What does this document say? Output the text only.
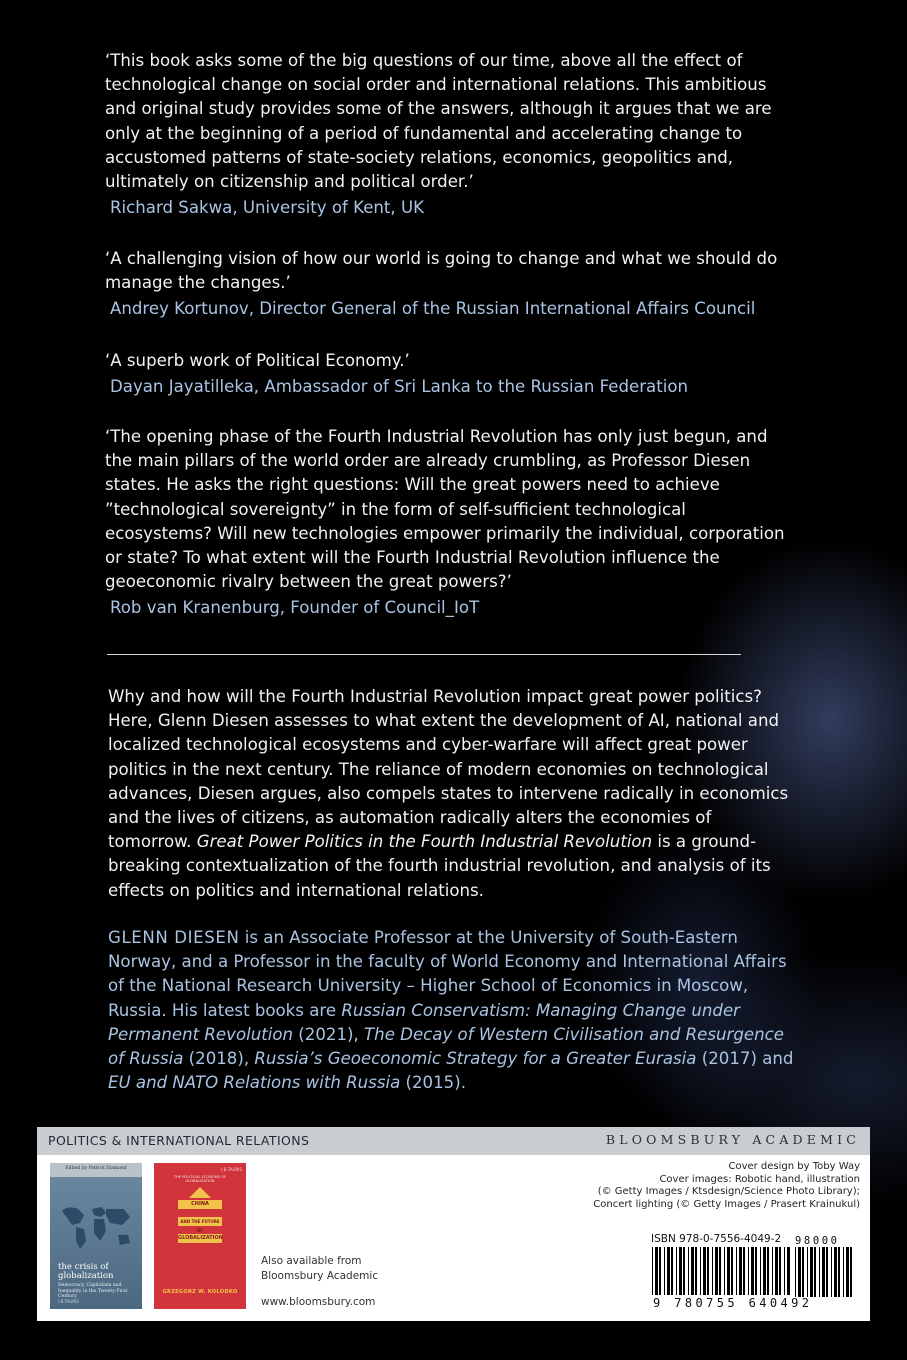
‘This book asks some of the big questions of our time, above all the effect of technological change on social order and international relations. This ambitious and original study provides some of the answers, although it argues that we are only at the beginning of a period of fundamental and accelerating change to accustomed patterns of state-society relations, economics, geopolitics and, ultimately on citizenship and political order.’

Richard Sakwa, University of Kent, UK

‘A challenging vision of how our world is going to change and what we should do manage the changes.’

Andrey Kortunov, Director General of the Russian International Affairs Council

‘A superb work of Political Economy.’

Dayan Jayatilleka, Ambassador of Sri Lanka to the Russian Federation

‘The opening phase of the Fourth Industrial Revolution has only just begun, and the main pillars of the world order are already crumbling, as Professor Diesen states. He asks the right questions: Will the great powers need to achieve ”technological sovereignty” in the form of self-sufficient technological ecosystems? Will new technologies empower primarily the individual, corporation or state? To what extent will the Fourth Industrial Revolution influence the geoeconomic rivalry between the great powers?’

Rob van Kranenburg, Founder of Council_IoT

Why and how will the Fourth Industrial Revolution impact great power politics? Here, Glenn Diesen assesses to what extent the development of AI, national and localized technological ecosystems and cyber-warfare will affect great power politics in the next century. The reliance of modern economies on technological advances, Diesen argues, also compels states to intervene radically in economics and the lives of citizens, as automation radically alters the economies of tomorrow. Great Power Politics in the Fourth Industrial Revolution is a ground-breaking contextualization of the fourth industrial revolution, and analysis of its effects on politics and international relations.

GLENN DIESEN is an Associate Professor at the University of South-Eastern Norway, and a Professor in the faculty of World Economy and International Affairs of the National Research University – Higher School of Economics in Moscow, Russia. His latest books are Russian Conservatism: Managing Change under Permanent Revolution (2021), The Decay of Western Civilisation and Resurgence of Russia (2018), Russia’s Geoeconomic Strategy for a Greater Eurasia (2017) and EU and NATO Relations with Russia (2015).

POLITICS & INTERNATIONAL RELATIONS	BLOOMSBURY ACADEMIC
Edited by Patrick Diamond

the crisis of globalization

Democracy, Capitalism and Inequality in the Twenty-First Century

I.B.TAURIS
I.B.TAURIS
THE POLITICAL ECONOMY OF GLOBALIZATION
CHINA
AND THE FUTURE OF
GLOBALIZATION
GRZEGORZ W. KOLODKO

Also available from Bloomsbury Academic

www.bloomsbury.com
Cover design by Toby Way
Cover images: Robotic hand, illustration
(© Getty Images / Ktsdesign/Science Photo Library);
Concert lighting (© Getty Images / Prasert Krainukul)
ISBN 978-0-7556-4049-2 98000
9 780755 640492
